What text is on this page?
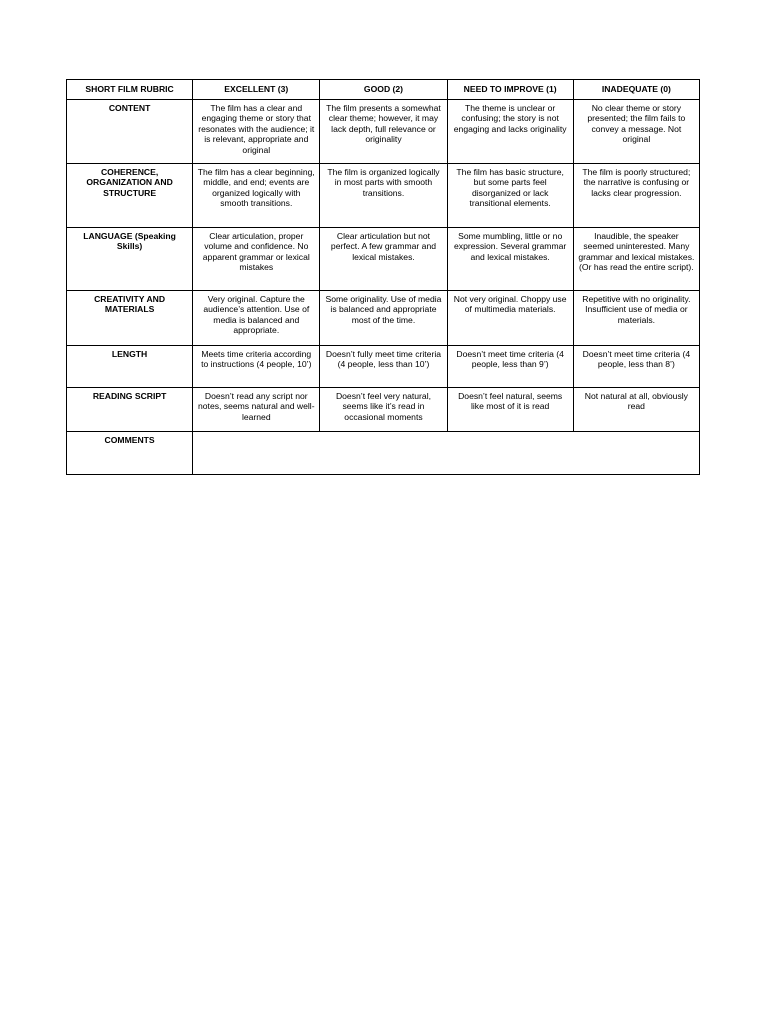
SHORT FILM RUBRIC	EXCELLENT (3)	GOOD (2)	NEED TO IMPROVE (1)	INADEQUATE (0)
CONTENT	The film has a clear and engaging theme or story that resonates with the audience; it is relevant, appropriate and original	The film presents a somewhat clear theme; however, it may lack depth, full relevance or originality	The theme is unclear or confusing; the story is not engaging and lacks originality	No clear theme or story presented; the film fails to convey a message. Not original
COHERENCE, ORGANIZATION AND STRUCTURE	The film has a clear beginning, middle, and end; events are organized logically with smooth transitions.	The film is organized logically in most parts with smooth transitions.	The film has basic structure, but some parts feel disorganized or lack transitional elements.	The film is poorly structured; the narrative is confusing or lacks clear progression.
LANGUAGE (Speaking Skills)	Clear articulation, proper volume and confidence. No apparent grammar or lexical mistakes	Clear articulation but not perfect. A few grammar and lexical mistakes.	Some mumbling, little or no expression. Several grammar and lexical mistakes.	Inaudible, the speaker seemed uninterested. Many grammar and lexical mistakes. (Or has read the entire script).
CREATIVITY AND MATERIALS	Very original. Capture the audience’s attention. Use of media is balanced and appropriate.	Some originality. Use of media is balanced and appropriate most of the time.	Not very original. Choppy use of multimedia materials.	Repetitive with no originality. Insufficient use of media or materials.
LENGTH	Meets time criteria according to instructions (4 people, 10’)	Doesn’t fully meet time criteria (4 people, less than 10’)	Doesn’t meet time criteria (4 people, less than 9’)	Doesn’t meet time criteria (4 people, less than 8’)
READING SCRIPT	Doesn’t read any script nor notes, seems natural and well-learned	Doesn’t feel very natural, seems like it’s read in occasional moments	Doesn’t feel natural, seems like most of it is read	Not natural at all, obviously read
COMMENTS				
